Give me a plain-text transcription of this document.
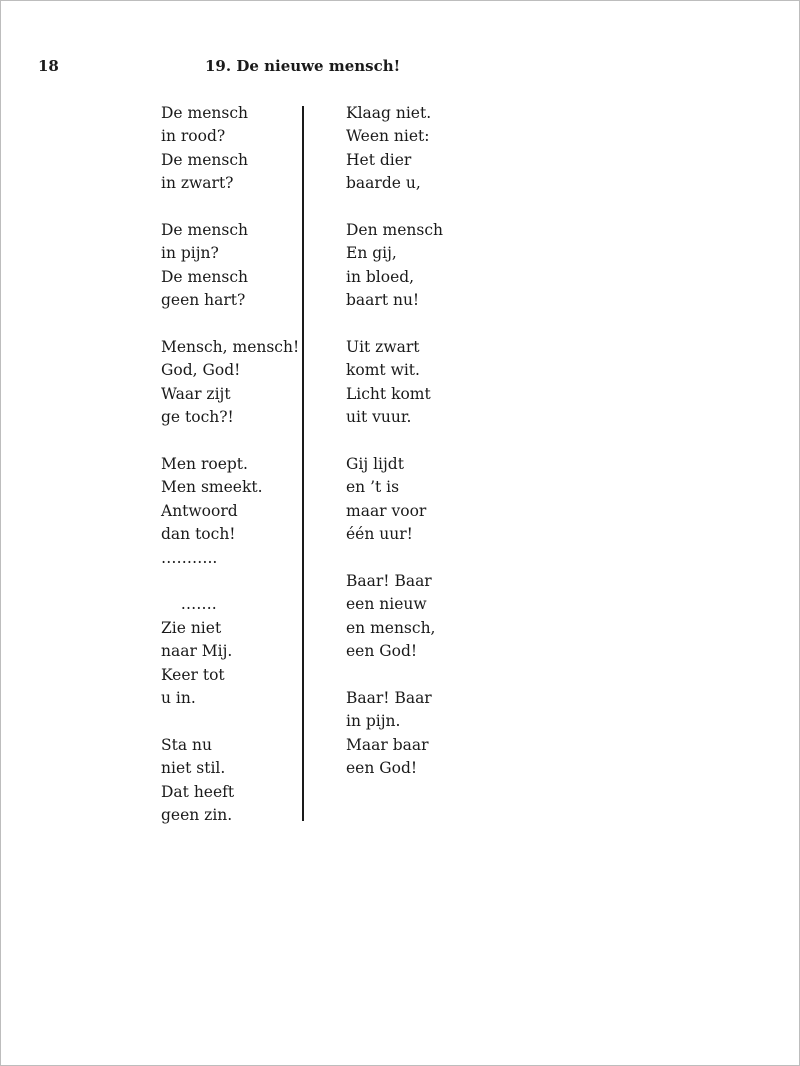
18	19. De nieuwe mensch!
De mensch
in rood?
De mensch
in zwart?
De mensch
in pijn?
De mensch
geen hart?
Mensch, mensch!
God, God!
Waar zijt
ge toch?!
Men roept.
Men smeekt.
Antwoord
dan toch!
………..
…….
Zie niet
naar Mij.
Keer tot
u in.
Sta nu
niet stil.
Dat heeft
geen zin.
Klaag niet.
Ween niet:
Het dier
baarde u,
Den mensch
En gij,
in bloed,
baart nu!
Uit zwart
komt wit.
Licht komt
uit vuur.
Gij lijdt
en ’t is
maar voor
één uur!
Baar! Baar
een nieuw
en mensch,
een God!
Baar! Baar
in pijn.
Maar baar
een God!
